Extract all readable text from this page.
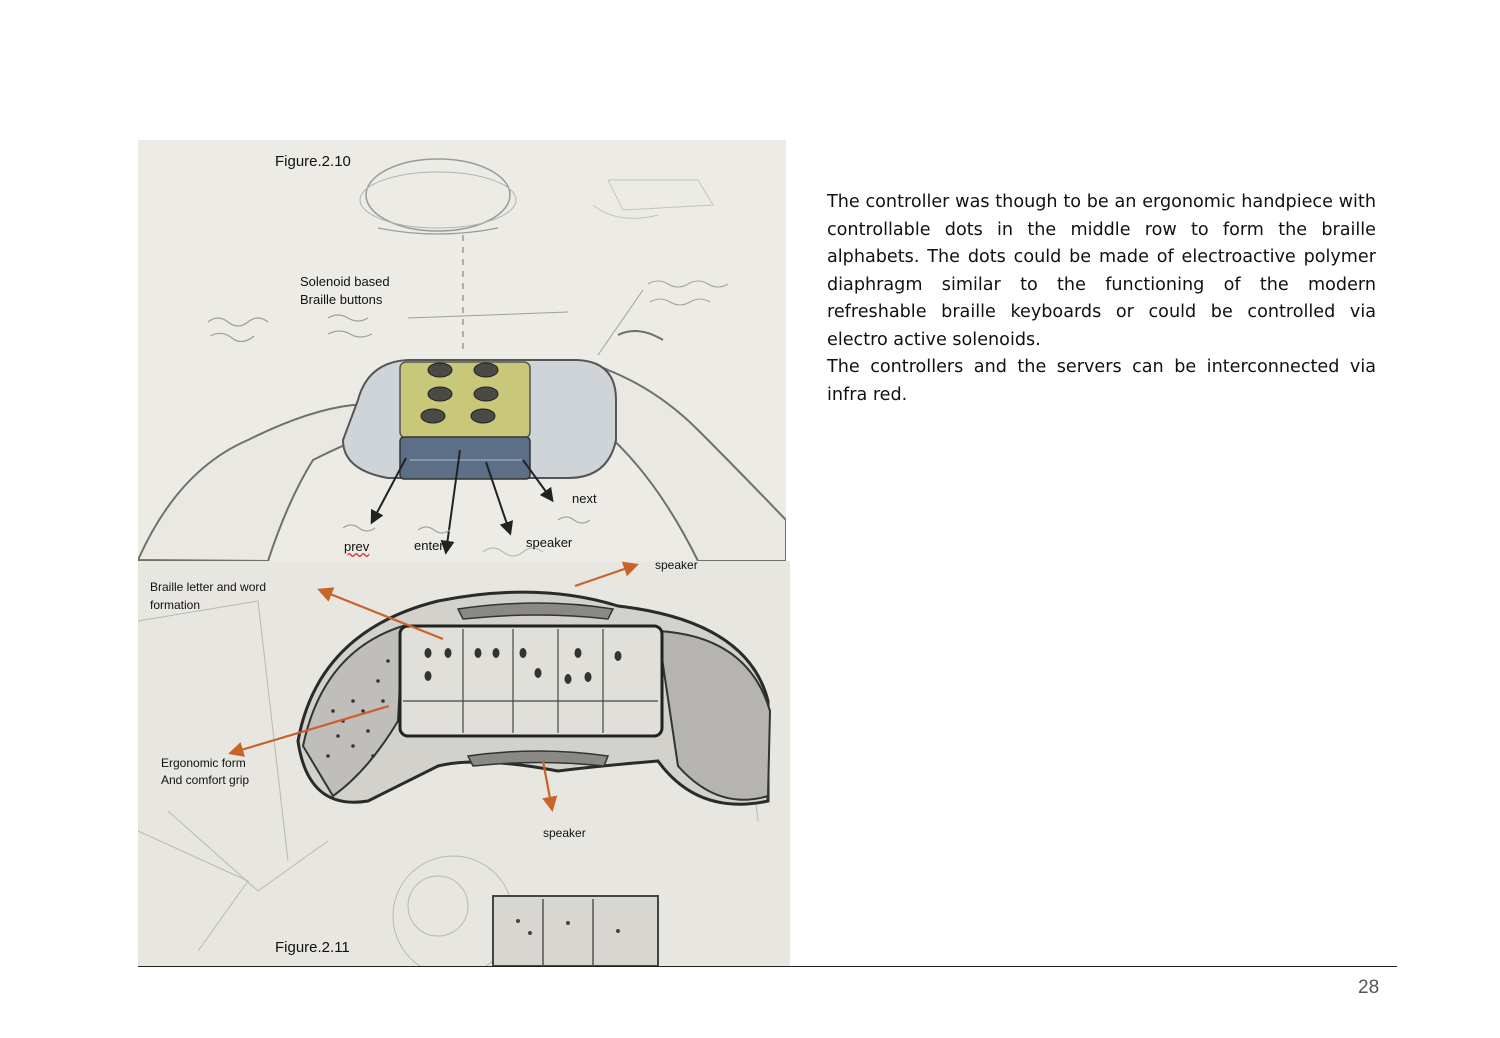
Figure.2.10
Solenoid based
Braille buttons
next
prev	enter	speaker
speaker
Braille letter and word
formation
Ergonomic form
And comfort grip
speaker
Figure.2.11

The controller was though to be an ergonomic handpiece with controllable dots in the middle row to form the braille alphabets. The dots could be made of electroactive polymer diaphragm similar to the functioning of the modern refreshable braille keyboards or could be controlled via electro active solenoids.

The controllers and the servers can be interconnected via infra red.

28
